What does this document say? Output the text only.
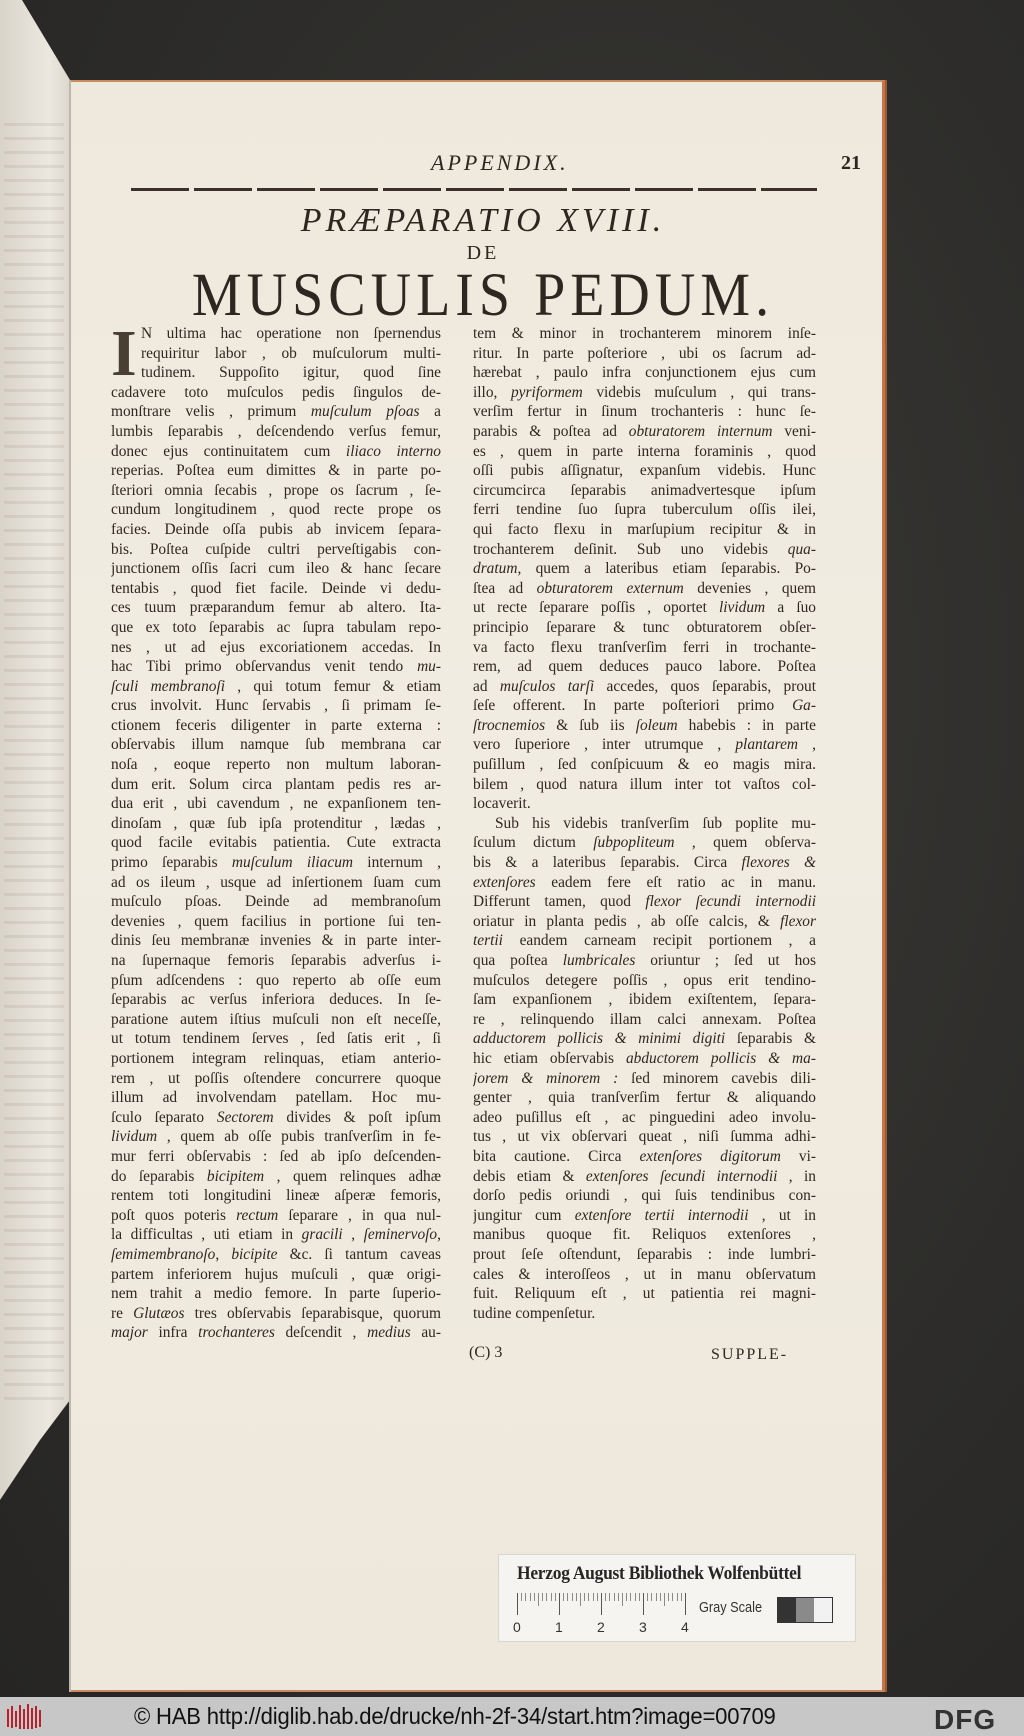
APPENDIX.	21
PRÆPARATIO XVIII.
DE
MUSCULIS PEDUM.
I N ultima hac operatione non ſpernendus
requiritur labor , ob muſculorum multi-
tudinem. Suppoſito igitur, quod ſine
cadavere toto muſculos pedis ſingulos de-
monſtrare velis , primum muſculum pſoas a
lumbis ſeparabis , deſcendendo verſus femur,
donec ejus continuitatem cum iliaco interno
reperias. Poſtea eum dimittes & in parte po-
ſteriori omnia ſecabis , prope os ſacrum , ſe-
cundum longitudinem , quod recte prope os
facies. Deinde oſſa pubis ab invicem ſepara-
bis. Poſtea cuſpide cultri perveſtigabis con-
junctionem oſſis ſacri cum ileo & hanc ſecare
tentabis , quod fiet facile. Deinde vi dedu-
ces tuum præparandum femur ab altero. Ita-
que ex toto ſeparabis ac ſupra tabulam repo-
nes , ut ad ejus excoriationem accedas. In
hac Tibi primo obſervandus venit tendo mu-
ſculi membranoſi , qui totum femur & etiam
crus involvit. Hunc ſervabis , ſi primam ſe-
ctionem feceris diligenter in parte externa :
obſervabis illum namque ſub membrana car
noſa , eoque reperto non multum laboran-
dum erit. Solum circa plantam pedis res ar-
dua erit , ubi cavendum , ne expanſionem ten-
dinoſam , quæ ſub ipſa protenditur , lædas ,
quod facile evitabis patientia. Cute extracta
primo ſeparabis muſculum iliacum internum ,
ad os ileum , usque ad inſertionem ſuam cum
muſculo pſoas. Deinde ad membranoſum
devenies , quem facilius in portione ſui ten-
dinis ſeu membranæ invenies & in parte inter-
na ſupernaque femoris ſeparabis adverſus i-
pſum adſcendens : quo reperto ab oſſe eum
ſeparabis ac verſus inferiora deduces. In ſe-
paratione autem iſtius muſculi non eſt neceſſe,
ut totum tendinem ſerves , ſed ſatis erit , ſi
portionem integram relinquas, etiam anterio-
rem , ut poſſis oſtendere concurrere quoque
illum ad involvendam patellam. Hoc mu-
ſculo ſeparato Sectorem divides & poſt ipſum
lividum , quem ab oſſe pubis tranſverſim in fe-
mur ferri obſervabis : ſed ab ipſo deſcenden-
do ſeparabis bicipitem , quem relinques adhæ
rentem toti longitudini lineæ aſperæ femoris,
poſt quos poteris rectum ſeparare , in qua nul-
la difficultas , uti etiam in gracili , ſeminervoſo,
ſemimembranoſo, bicipite &c. ſi tantum caveas
partem inferiorem hujus muſculi , quæ origi-
nem trahit a medio femore. In parte ſuperio-
re Glutæos tres obſervabis ſeparabisque, quorum
major infra trochanteres deſcendit , medius au-
tem & minor in trochanterem minorem inſe-
ritur. In parte poſteriore , ubi os ſacrum ad-
hærebat , paulo infra conjunctionem ejus cum
illo, pyriformem videbis muſculum , qui trans-
verſim fertur in ſinum trochanteris : hunc ſe-
parabis & poſtea ad obturatorem internum veni-
es , quem in parte interna foraminis , quod
oſſi pubis aſſignatur, expanſum videbis. Hunc
circumcirca ſeparabis animadvertesque ipſum
ferri tendine ſuo ſupra tuberculum oſſis ilei,
qui facto flexu in marſupium recipitur & in
trochanterem deſinit. Sub uno videbis qua-
dratum, quem a lateribus etiam ſeparabis. Po-
ſtea ad obturatorem externum devenies , quem
ut recte ſeparare poſſis , oportet lividum a ſuo
principio ſeparare & tunc obturatorem obſer-
va facto flexu tranſverſim ferri in trochante-
rem, ad quem deduces pauco labore. Poſtea
ad muſculos tarſi accedes, quos ſeparabis, prout
ſeſe offerent. In parte poſteriori primo Ga-
ſtrocnemios & ſub iis ſoleum habebis : in parte
vero ſuperiore , inter utrumque , plantarem ,
puſillum , ſed conſpicuum & eo magis mira.
bilem , quod natura illum inter tot vaſtos col-
locaverit.
Sub his videbis tranſverſim ſub poplite mu-
ſculum dictum ſubpopliteum , quem obſerva-
bis & a lateribus ſeparabis. Circa flexores &
extenſores eadem fere eſt ratio ac in manu.
Differunt tamen, quod flexor ſecundi internodii
oriatur in planta pedis , ab oſſe calcis, & flexor
tertii eandem carneam recipit portionem , a
qua poſtea lumbricales oriuntur ; ſed ut hos
muſculos detegere poſſis , opus erit tendino-
ſam expanſionem , ibidem exiſtentem, ſepara-
re , relinquendo illam calci annexam. Poſtea
adductorem pollicis & minimi digiti ſeparabis &
hic etiam obſervabis abductorem pollicis & ma-
jorem & minorem : ſed minorem cavebis dili-
genter , quia tranſverſim fertur & aliquando
adeo puſillus eſt , ac pinguedini adeo involu-
tus , ut vix obſervari queat , niſi ſumma adhi-
bita cautione. Circa extenſores digitorum vi-
debis etiam & extenſores ſecundi internodii , in
dorſo pedis oriundi , qui ſuis tendinibus con-
jungitur cum extenſore tertii internodii , ut in
manibus quoque fit. Reliquos extenſores ,
prout ſeſe oſtendunt, ſeparabis : inde lumbri-
cales & interoſſeos , ut in manu obſervatum
fuit. Reliquum eſt , ut patientia rei magni-
tudine compenſetur.
(C) 3	SUPPLE-
Herzog August Bibliothek Wolfenbüttel
0 1 2 3 4
Gray Scale
© HAB http://diglib.hab.de/drucke/nh-2f-34/start.htm?image=00709	DFG
